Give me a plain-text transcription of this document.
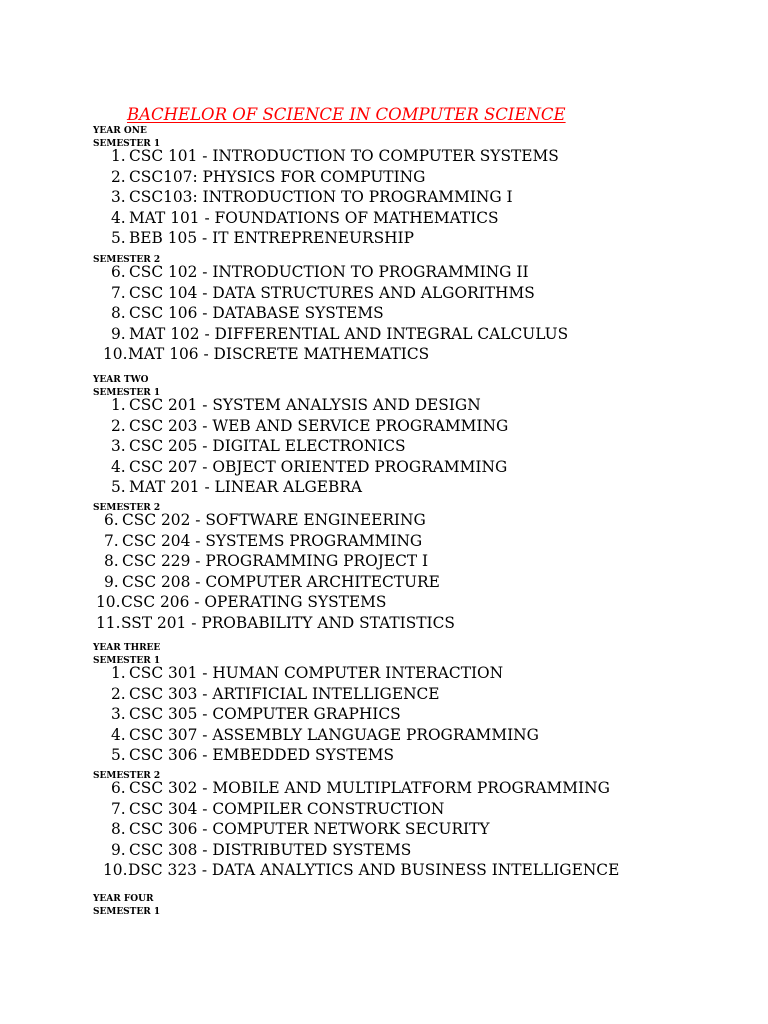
BACHELOR OF SCIENCE IN COMPUTER SCIENCE
YEAR ONE
SEMESTER 1
1. CSC 101 - INTRODUCTION TO COMPUTER SYSTEMS
2. CSC107: PHYSICS FOR COMPUTING
3. CSC103: INTRODUCTION TO PROGRAMMING I
4. MAT 101 - FOUNDATIONS OF MATHEMATICS
5. BEB 105 - IT ENTREPRENEURSHIP
SEMESTER 2
6. CSC 102 - INTRODUCTION TO PROGRAMMING II
7. CSC 104 - DATA STRUCTURES AND ALGORITHMS
8. CSC 106 - DATABASE SYSTEMS
9. MAT 102 - DIFFERENTIAL AND INTEGRAL CALCULUS
10.MAT 106 - DISCRETE MATHEMATICS
YEAR TWO
SEMESTER 1
1. CSC 201 - SYSTEM ANALYSIS AND DESIGN
2. CSC 203 - WEB AND SERVICE PROGRAMMING
3. CSC 205 - DIGITAL ELECTRONICS
4. CSC 207 - OBJECT ORIENTED PROGRAMMING
5. MAT 201 - LINEAR ALGEBRA
SEMESTER 2
6. CSC 202 - SOFTWARE ENGINEERING
7. CSC 204 - SYSTEMS PROGRAMMING
8. CSC 229 - PROGRAMMING PROJECT I
9. CSC 208 - COMPUTER ARCHITECTURE
10.CSC 206 - OPERATING SYSTEMS
11.SST 201 - PROBABILITY AND STATISTICS
YEAR THREE
SEMESTER 1
1. CSC 301 - HUMAN COMPUTER INTERACTION
2. CSC 303 - ARTIFICIAL INTELLIGENCE
3. CSC 305 - COMPUTER GRAPHICS
4. CSC 307 - ASSEMBLY LANGUAGE PROGRAMMING
5. CSC 306 - EMBEDDED SYSTEMS
SEMESTER 2
6. CSC 302 - MOBILE AND MULTIPLATFORM PROGRAMMING
7. CSC 304 - COMPILER CONSTRUCTION
8. CSC 306 - COMPUTER NETWORK SECURITY
9. CSC 308 - DISTRIBUTED SYSTEMS
10.DSC 323 - DATA ANALYTICS AND BUSINESS INTELLIGENCE
YEAR FOUR
SEMESTER 1
